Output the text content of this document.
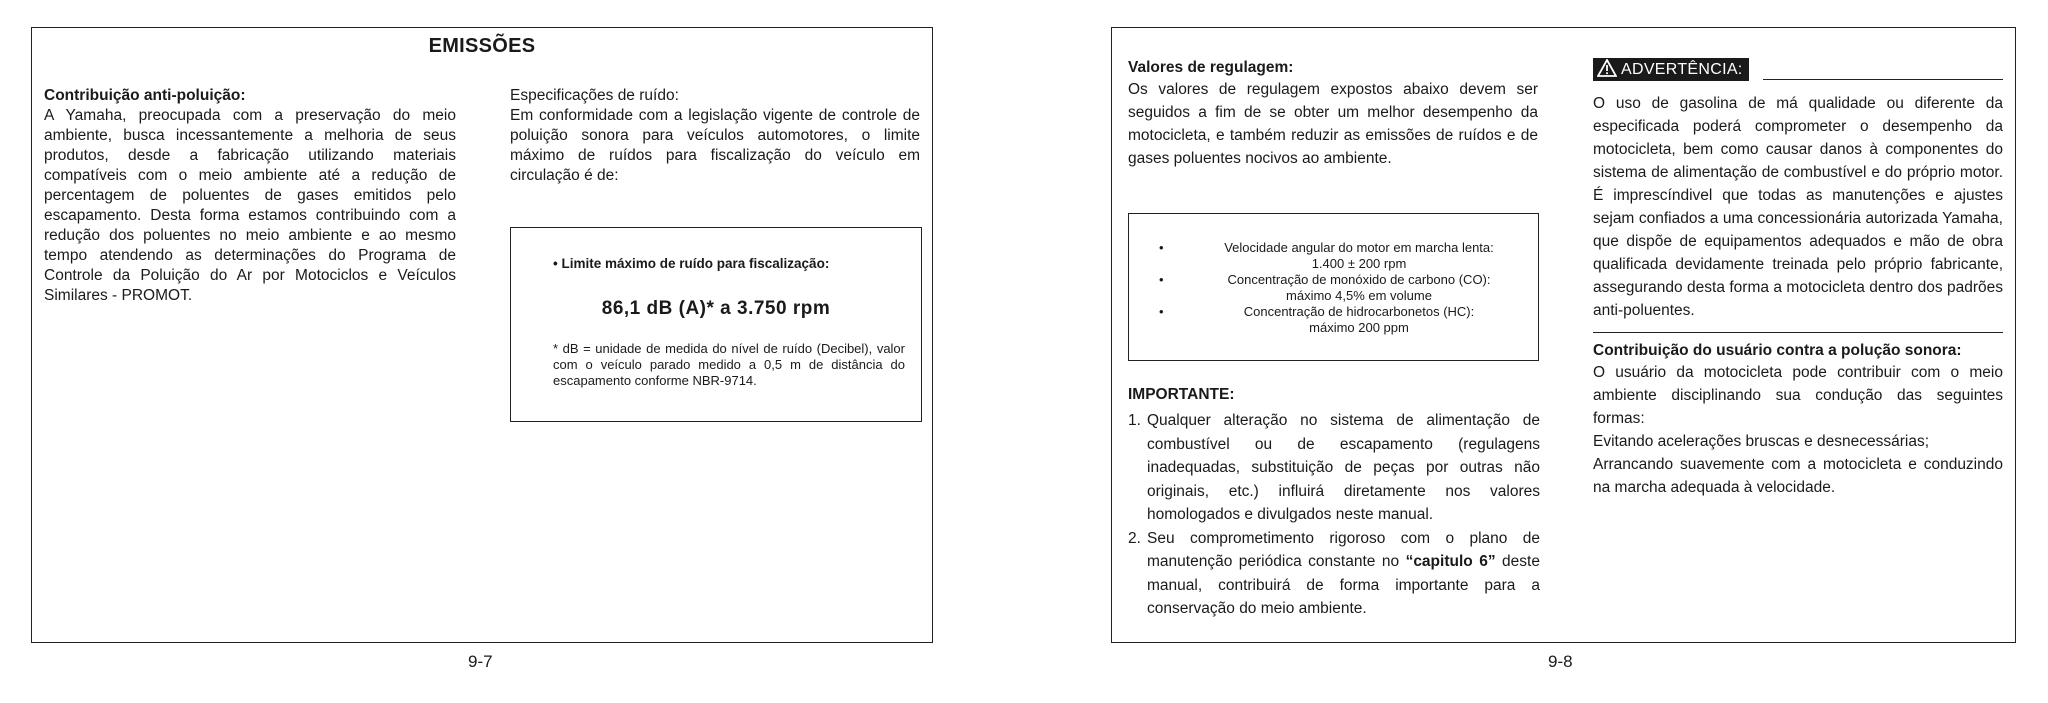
EMISSÕES
Contribuição anti-poluição:
A Yamaha, preocupada com a preservação do meio ambiente, busca incessantemente a melhoria de seus produtos, desde a fabricação utilizando materiais compatíveis com o meio ambiente até a redução de percentagem de poluentes de gases emitidos pelo escapamento. Desta forma estamos contribuindo com a redução dos poluentes no meio ambiente e ao mesmo tempo atendendo as determinações do Programa de Controle da Poluição do Ar por Motociclos e Veículos Similares - PROMOT.
Especificações de ruído:
Em conformidade com a legislação vigente de controle de poluição sonora para veículos automotores, o limite máximo de ruídos para fiscalização do veículo em circulação é de:
• Limite máximo de ruído para fiscalização:
86,1 dB (A)* a 3.750 rpm
* dB = unidade de medida do nível de ruído (Decibel), valor com o veículo parado medido a 0,5 m de distância do escapamento conforme NBR-9714.
9-7
Valores de regulagem:
Os valores de regulagem expostos abaixo devem ser seguidos a fim de se obter um melhor desempenho da motocicleta, e também reduzir as emissões de ruídos e de gases poluentes nocivos ao ambiente.
•	Velocidade angular do motor em marcha lenta:
1.400 ± 200 rpm
•	Concentração de monóxido de carbono (CO):
máximo 4,5% em volume
•	Concentração de hidrocarbonetos (HC):
máximo 200 ppm
IMPORTANTE:
1. Qualquer alteração no sistema de alimentação de combustível ou de escapamento (regulagens inadequadas, substituição de peças por outras não originais, etc.) influirá diretamente nos valores homologados e divulgados neste manual.
2. Seu comprometimento rigoroso com o plano de manutenção periódica constante no “capitulo 6” deste manual, contribuirá de forma importante para a conservação do meio ambiente.
ADVERTÊNCIA:
O uso de gasolina de má qualidade ou diferente da especificada poderá comprometer o desempenho da motocicleta, bem como causar danos à componentes do sistema de alimentação de combustível e do próprio motor. É imprescíndivel que todas as manutenções e ajustes sejam confiados a uma concessionária autorizada Yamaha, que dispõe de equipamentos adequados e mão de obra qualificada devidamente treinada pelo próprio fabricante, assegurando desta forma a motocicleta dentro dos padrões anti-poluentes.
Contribuição do usuário contra a polução sonora:
O usuário da motocicleta pode contribuir com o meio ambiente disciplinando sua condução das seguintes formas:
Evitando acelerações bruscas e desnecessárias;
Arrancando suavemente com a motocicleta e conduzindo na marcha adequada à velocidade.
9-8
